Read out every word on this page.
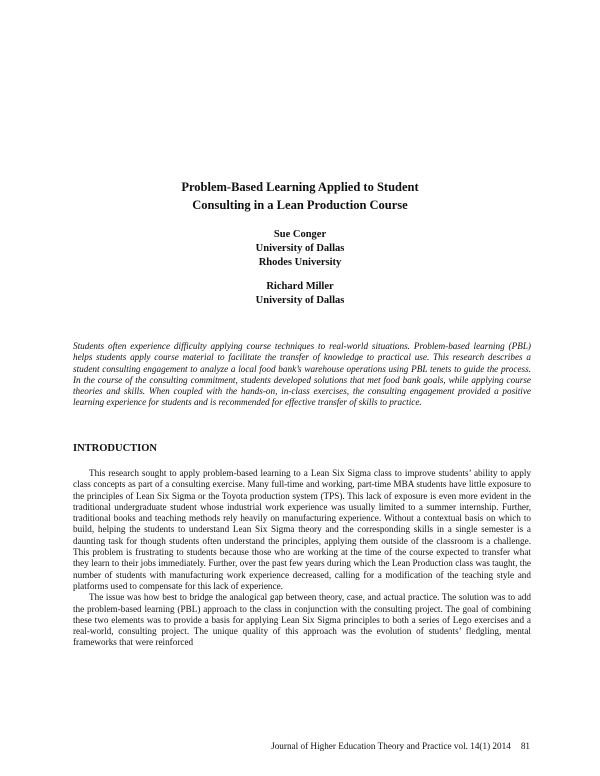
Problem-Based Learning Applied to Student
Consulting in a Lean Production Course
Sue Conger
University of Dallas
Rhodes University
Richard Miller
University of Dallas

Students often experience difficulty applying course techniques to real-world situations. Problem-based learning (PBL) helps students apply course material to facilitate the transfer of knowledge to practical use. This research describes a student consulting engagement to analyze a local food bank’s warehouse operations using PBL tenets to guide the process. In the course of the consulting commitment, students developed solutions that met food bank goals, while applying course theories and skills. When coupled with the hands-on, in-class exercises, the consulting engagement provided a positive learning experience for students and is recommended for effective transfer of skills to practice.

INTRODUCTION

This research sought to apply problem-based learning to a Lean Six Sigma class to improve students’ ability to apply class concepts as part of a consulting exercise. Many full-time and working, part-time MBA students have little exposure to the principles of Lean Six Sigma or the Toyota production system (TPS). This lack of exposure is even more evident in the traditional undergraduate student whose industrial work experience was usually limited to a summer internship. Further, traditional books and teaching methods rely heavily on manufacturing experience. Without a contextual basis on which to build, helping the students to understand Lean Six Sigma theory and the corresponding skills in a single semester is a daunting task for though students often understand the principles, applying them outside of the classroom is a challenge. This problem is frustrating to students because those who are working at the time of the course expected to transfer what they learn to their jobs immediately. Further, over the past few years during which the Lean Production class was taught, the number of students with manufacturing work experience decreased, calling for a modification of the teaching style and platforms used to compensate for this lack of experience.

The issue was how best to bridge the analogical gap between theory, case, and actual practice. The solution was to add the problem-based learning (PBL) approach to the class in conjunction with the consulting project. The goal of combining these two elements was to provide a basis for applying Lean Six Sigma principles to both a series of Lego exercises and a real-world, consulting project. The unique quality of this approach was the evolution of students’ fledgling, mental frameworks that were reinforced

Journal of Higher Education Theory and Practice vol. 14(1) 2014 81
